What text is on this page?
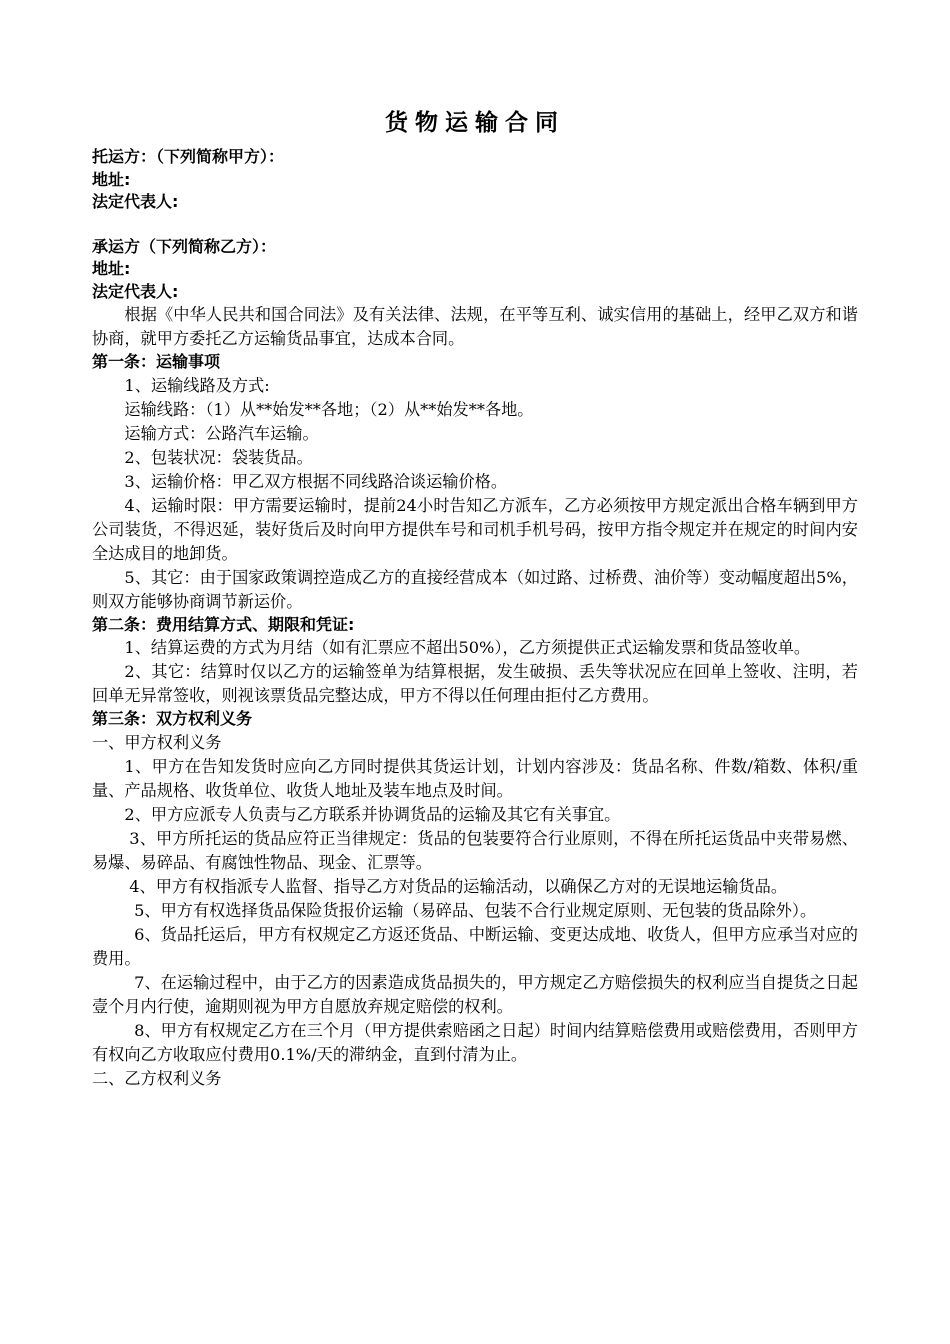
货物运输合同

托运方：（下列简称甲方）：

地址:

法定代表人:

承运方（下列简称乙方）：

地址:

法定代表人:

根据《中华人民共和国合同法》及有关法律、法规，在平等互利、诚实信用的基础上，经甲乙双方和谐协商，就甲方委托乙方运输货品事宜，达成本合同。

第一条：运输事项

1、运输线路及方式:

运输线路：（1）从**始发**各地；（2）从**始发**各地。

运输方式：公路汽车运输。

2、包装状况：袋装货品。

3、运输价格：甲乙双方根据不同线路洽谈运输价格。

4、运输时限：甲方需要运输时，提前24小时告知乙方派车，乙方必须按甲方规定派出合格车辆到甲方公司装货，不得迟延，装好货后及时向甲方提供车号和司机手机号码，按甲方指令规定并在规定的时间内安全达成目的地卸货。

5、其它：由于国家政策调控造成乙方的直接经营成本（如过路、过桥费、油价等）变动幅度超出5%，则双方能够协商调节新运价。

第二条：费用结算方式、期限和凭证:

1、结算运费的方式为月结（如有汇票应不超出50%），乙方须提供正式运输发票和货品签收单。

2、其它：结算时仅以乙方的运输签单为结算根据，发生破损、丢失等状况应在回单上签收、注明，若回单无异常签收，则视该票货品完整达成，甲方不得以任何理由拒付乙方费用。

第三条：双方权利义务

一、甲方权利义务

1、甲方在告知发货时应向乙方同时提供其货运计划，计划内容涉及：货品名称、件数/箱数、体积/重量、产品规格、收货单位、收货人地址及装车地点及时间。

2、甲方应派专人负责与乙方联系并协调货品的运输及其它有关事宜。

3、甲方所托运的货品应符正当律规定：货品的包装要符合行业原则，不得在所托运货品中夹带易燃、易爆、易碎品、有腐蚀性物品、现金、汇票等。

4、甲方有权指派专人监督、指导乙方对货品的运输活动，以确保乙方对的无误地运输货品。

5、甲方有权选择货品保险货报价运输（易碎品、包装不合行业规定原则、无包装的货品除外）。

6、货品托运后，甲方有权规定乙方返还货品、中断运输、变更达成地、收货人，但甲方应承当对应的费用。

7、在运输过程中，由于乙方的因素造成货品损失的，甲方规定乙方赔偿损失的权利应当自提货之日起壹个月内行使，逾期则视为甲方自愿放弃规定赔偿的权利。

8、甲方有权规定乙方在三个月（甲方提供索赔函之日起）时间内结算赔偿费用或赔偿费用，否则甲方有权向乙方收取应付费用0.1%/天的滞纳金，直到付清为止。

二、乙方权利义务
